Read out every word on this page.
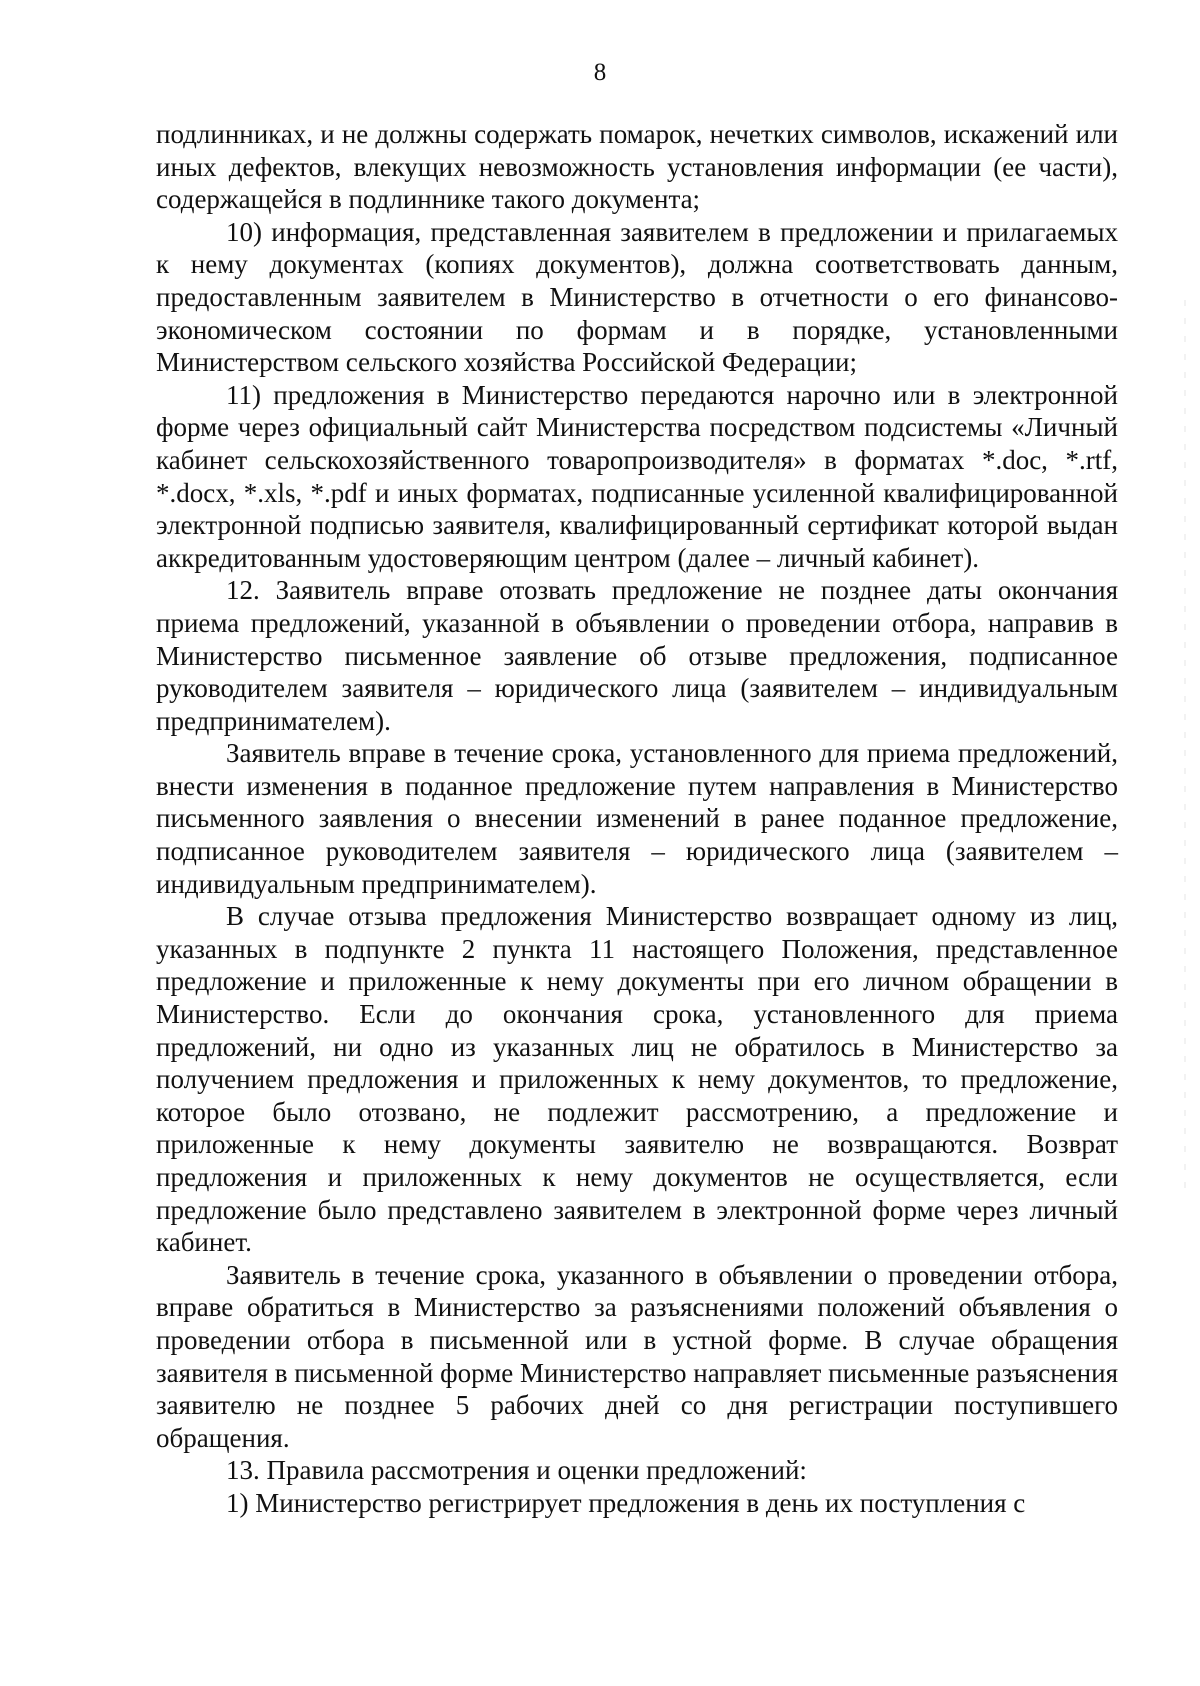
8

подлинниках, и не должны содержать помарок, нечетких символов, искажений или иных дефектов, влекущих невозможность установления информации (ее части), содержащейся в подлиннике такого документа;

10) информация, представленная заявителем в предложении и прилагаемых к нему документах (копиях документов), должна соответствовать данным, предоставленным заявителем в Министерство в отчетности о его финансово-экономическом состоянии по формам и в порядке, установленными Министерством сельского хозяйства Российской Федерации;

11) предложения в Министерство передаются нарочно или в электронной форме через официальный сайт Министерства посредством подсистемы «Личный кабинет сельскохозяйственного товаропроизводителя» в форматах *.doc, *.rtf, *.docx, *.xls, *.pdf и иных форматах, подписанные усиленной квалифицированной электронной подписью заявителя, квалифицированный сертификат которой выдан аккредитованным удостоверяющим центром (далее – личный кабинет).

12. Заявитель вправе отозвать предложение не позднее даты окончания приема предложений, указанной в объявлении о проведении отбора, направив в Министерство письменное заявление об отзыве предложения, подписанное руководителем заявителя – юридического лица (заявителем – индивидуальным предпринимателем).

Заявитель вправе в течение срока, установленного для приема предложений, внести изменения в поданное предложение путем направления в Министерство письменного заявления о внесении изменений в ранее поданное предложение, подписанное руководителем заявителя – юридического лица (заявителем – индивидуальным предпринимателем).

В случае отзыва предложения Министерство возвращает одному из лиц, указанных в подпункте 2 пункта 11 настоящего Положения, представленное предложение и приложенные к нему документы при его личном обращении в Министерство. Если до окончания срока, установленного для приема предложений, ни одно из указанных лиц не обратилось в Министерство за получением предложения и приложенных к нему документов, то предложение, которое было отозвано, не подлежит рассмотрению, а предложение и приложенные к нему документы заявителю не возвращаются. Возврат предложения и приложенных к нему документов не осуществляется, если предложение было представлено заявителем в электронной форме через личный кабинет.

Заявитель в течение срока, указанного в объявлении о проведении отбора, вправе обратиться в Министерство за разъяснениями положений объявления о проведении отбора в письменной или в устной форме. В случае обращения заявителя в письменной форме Министерство направляет письменные разъяснения заявителю не позднее 5 рабочих дней со дня регистрации поступившего обращения.

13. Правила рассмотрения и оценки предложений:

1) Министерство регистрирует предложения в день их поступления с
